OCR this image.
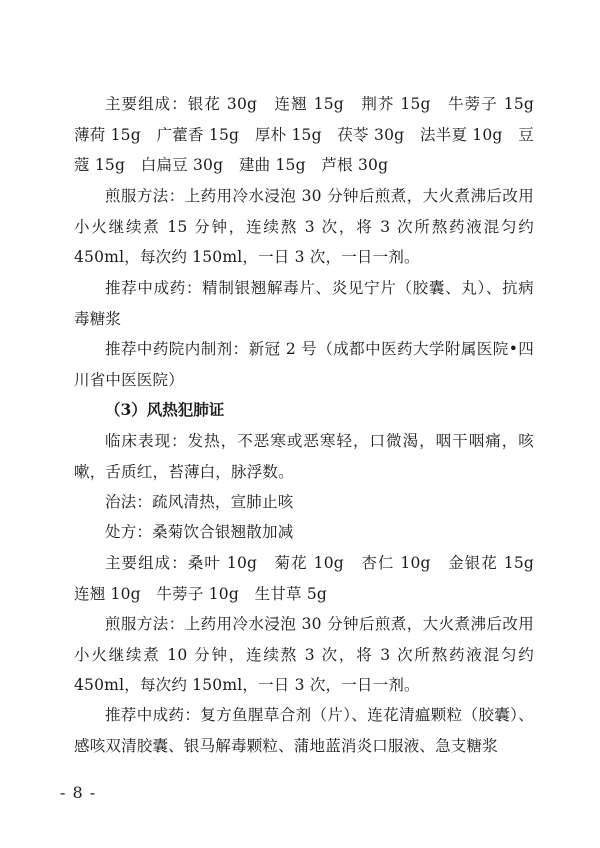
主要组成：银花 30g　连翘 15g　荆芥 15g　牛蒡子 15g　薄荷 15g　广藿香 15g　厚朴 15g　茯苓 30g　法半夏 10g　豆蔻 15g　白扁豆 30g　建曲 15g　芦根 30g

煎服方法：上药用冷水浸泡 30 分钟后煎煮，大火煮沸后改用小火继续煮 15 分钟，连续熬 3 次，将 3 次所熬药液混匀约 450ml，每次约 150ml，一日 3 次，一日一剂。

推荐中成药：精制银翘解毒片、炎见宁片（胶囊、丸）、抗病毒糖浆

推荐中药院内制剂：新冠 2 号（成都中医药大学附属医院•四川省中医医院）

（3）风热犯肺证

临床表现：发热，不恶寒或恶寒轻，口微渴，咽干咽痛，咳嗽，舌质红，苔薄白，脉浮数。

治法：疏风清热，宣肺止咳

处方：桑菊饮合银翘散加减

主要组成：桑叶 10g　菊花 10g　杏仁 10g　金银花 15g　连翘 10g　牛蒡子 10g　生甘草 5g

煎服方法：上药用冷水浸泡 30 分钟后煎煮，大火煮沸后改用小火继续煮 10 分钟，连续熬 3 次，将 3 次所熬药液混匀约 450ml，每次约 150ml，一日 3 次，一日一剂。

推荐中成药：复方鱼腥草合剂（片）、连花清瘟颗粒（胶囊）、感咳双清胶囊、银马解毒颗粒、蒲地蓝消炎口服液、急支糖浆

- 8 -
